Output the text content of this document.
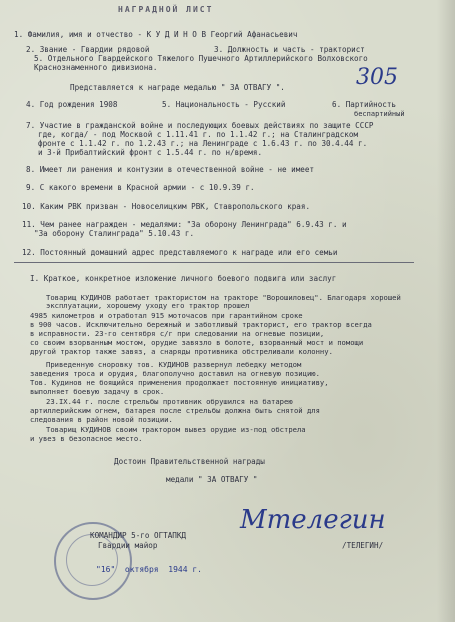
НАГРАДНОЙ ЛИСТ
1. Фамилия, имя и отчество - К У Д И Н О В Георгий Афанасьевич
2. Звание - Гвардии рядовой	3. Должность и часть - тракторист
5. Отдельного Гвардейского Тяжелого Пушечного Артиллерийского Волховского
Краснознаменного дивизиона.
Представляется к награде медалью " ЗА ОТВАГУ ".	305
4. Год рождения 1908	5. Национальность - Русский	6. Партийность
беспартийный
7. Участие в гражданской войне и последующих боевых действиях по защите СССР
где, когда/ - под Москвой с 1.11.41 г. по 1.1.42 г.; на Сталинградском
фронте с 1.1.42 г. по 1.2.43 г.; на Ленинграде с 1.6.43 г. по 30.4.44 г.
и 3-й Прибалтийский фронт с 1.5.44 г. по н/время.
8. Имеет ли ранения и контузии в отечественной войне - не имеет
9. С какого времени в Красной армии - с 10.9.39 г.
10. Каким РВК призван - Новоселицким РВК, Ставропольского края.
11. Чем ранее награжден - медалями: "За оборону Ленинграда" 6.9.43 г. и
"За оборону Сталинграда" 5.10.43 г.
12. Постоянный домашний адрес представляемого к награде или его семьи
I. Краткое, конкретное изложение личного боевого подвига или заслуг
Товарищ КУДИНОВ работает трактористом на тракторе "Ворошиловец". Благодаря хорошей эксплуатации, хорошему уходу его трактор прошел
4985 километров и отработал 915 моточасов при гарантийном сроке
в 900 часов. Исключительно бережный и заботливый тракторист, его трактор всегда
в исправности. 23-го сентября с/г при следовании на огневые позиции,
со своим взорванным мостом, орудие завязло в болоте, взорванный мост и помощи
другой трактор также завяз, а снаряды противника обстреливали колонну.
Приведенную сноровку тов. КУДИНОВ развернул лебедку методом
заведения троса и орудия, благополучно доставил на огневую позицию.
Тов. Кудинов не боящийся применения продолжает постоянную инициативу,
выполняет боевую задачу в срок.
23.IX.44 г. после стрельбы противник обрушился на батарею
артиллерийским огнем, батарея после стрельбы должна быть снятой для
следования в район новой позиции.
Товарищ КУДИНОВ своим трактором вывез орудие из-под обстрела
и увез в безопасное место.
Достоин Правительственной награды
медали " ЗА ОТВАГУ "
КОМАНДИР 5-го ОГТАПКД
Гвардии майор
Мтелегин
/ТЕЛЕГИН/
"16"  октября  1944 г.
